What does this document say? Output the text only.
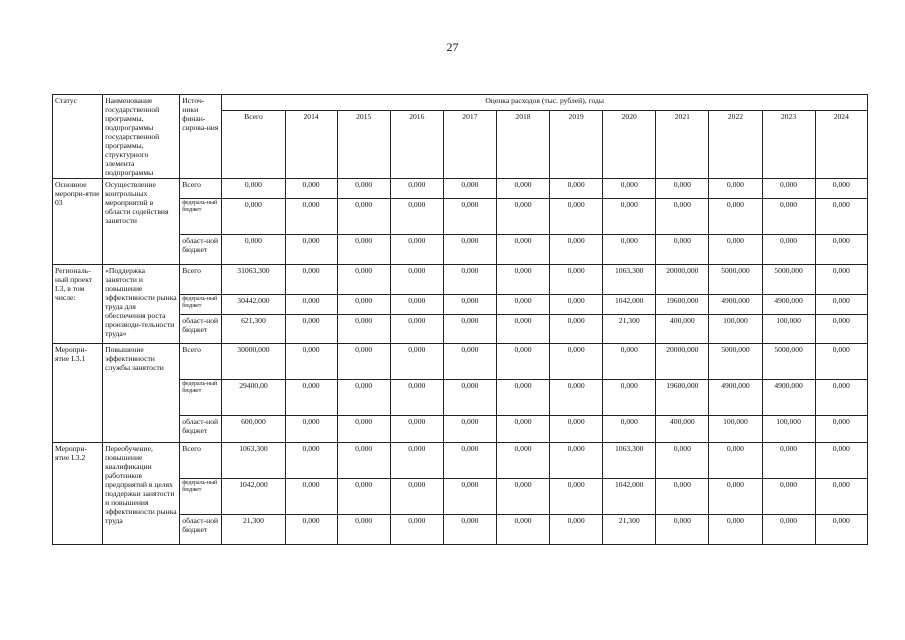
27
Статус	Наименование государственной программы, подпрограммы государственной программы, структурного элемента подпрограммы	Источ-ники финан-сирова-ния	Оценка расходов (тыс. рублей), годы											
			Всего	2014	2015	2016	2017	2018	2019	2020	2021	2022	2023	2024
Основное меропри-ятие 03	Осуществление контрольных мероприятий в области содействия занятости	Всего	0,000	0,000	0,000	0,000	0,000	0,000	0,000	0,000	0,000	0,000	0,000	0,000
		федераль-ный бюджет	0,000	0,000	0,000	0,000	0,000	0,000	0,000	0,000	0,000	0,000	0,000	0,000
		област-ной бюджет	0,000	0,000	0,000	0,000	0,000	0,000	0,000	0,000	0,000	0,000	0,000	0,000
Региональ-ный проект L3, в том числе:	«Поддержка занятости и повышение эффективности рынка труда для обеспечения роста производи-тельности труда»	Всего	31063,300	0,000	0,000	0,000	0,000	0,000	0,000	1063,300	20000,000	5000,000	5000,000	0,000
		федераль-ный бюджет	30442,000	0,000	0,000	0,000	0,000	0,000	0,000	1042,000	19600,000	4900,000	4900,000	0,000
		област-ной бюджет	621,300	0,000	0,000	0,000	0,000	0,000	0,000	21,300	400,000	100,000	100,000	0,000
Меропри-ятие L3.1	Повышение эффективности службы занятости	Всего	30000,000	0,000	0,000	0,000	0,000	0,000	0,000	0,000	20000,000	5000,000	5000,000	0,000
		федераль-ный бюджет	29400,00	0,000	0,000	0,000	0,000	0,000	0,000	0,000	19600,000	4900,000	4900,000	0,000
		област-ной бюджет	600,000	0,000	0,000	0,000	0,000	0,000	0,000	0,000	400,000	100,000	100,000	0,000
Меропри-ятие L3.2	Переобучение, повышение квалификации работников предприятий в целях поддержки занятости и повышения эффективности рынка труда	Всего	1063,300	0,000	0,000	0,000	0,000	0,000	0,000	1063,300	0,000	0,000	0,000	0,000
		федераль-ный бюджет	1042,000	0,000	0,000	0,000	0,000	0,000	0,000	1042,000	0,000	0,000	0,000	0,000
		област-ной бюджет	21,300	0,000	0,000	0,000	0,000	0,000	0,000	21,300	0,000	0,000	0,000	0,000
